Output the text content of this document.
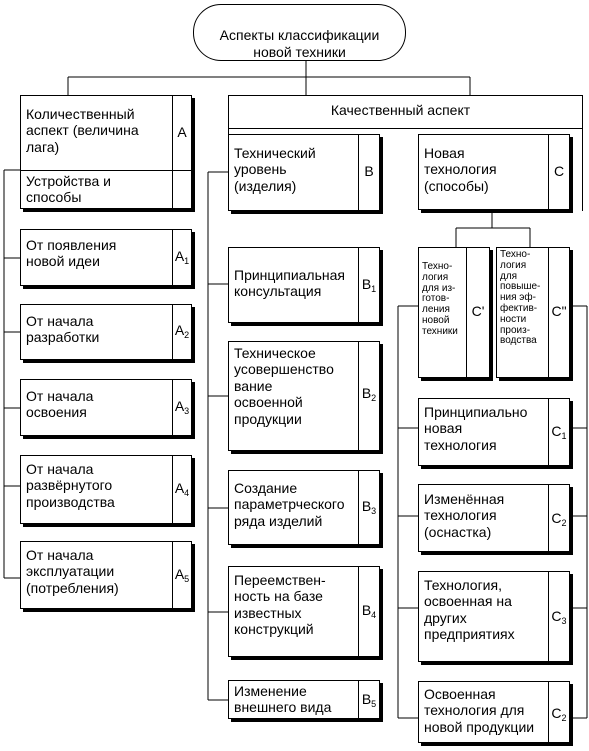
Аспекты классификации
новой техники

Количественный
аспект (величина
лага)
A
Устройства и
способы
От появления
новой идеи	$A_1$
От начала
разработки	$A_2$
От начала
освоения	$A_3$
От начала
развёрнутого
производства
$A_4$
От начала
эксплуатации
(потребления)
$A_5$
Качественный аспект
Технический
уровень
(изделия)
B
Принципиальная
консультация	$B_1$
Техническое
усовершенство
вание
освоенной
продукции
$B_2$
Создание
параметрческого
ряда изделий
$B_3$
Переемствен-
ность на базе
известных
конструкций
$B_4$
Изменение
внешнего вида
$B_5$
Новая
технология
(способы)
C
Техно-
логия
для из-
готов-
ления
новой
техники
C'
Техно-
логия
для
повыше-
ния эф-
фектив-
ности
произ-
водства
C"
Принципиально
новая
технология
$C_1$
Изменённая
технология
(оснастка)
$C_2$
Технология,
освоенная на
других
предприятиях
$C_3$
Освоенная
технология для
новой продукции
$C_2$
